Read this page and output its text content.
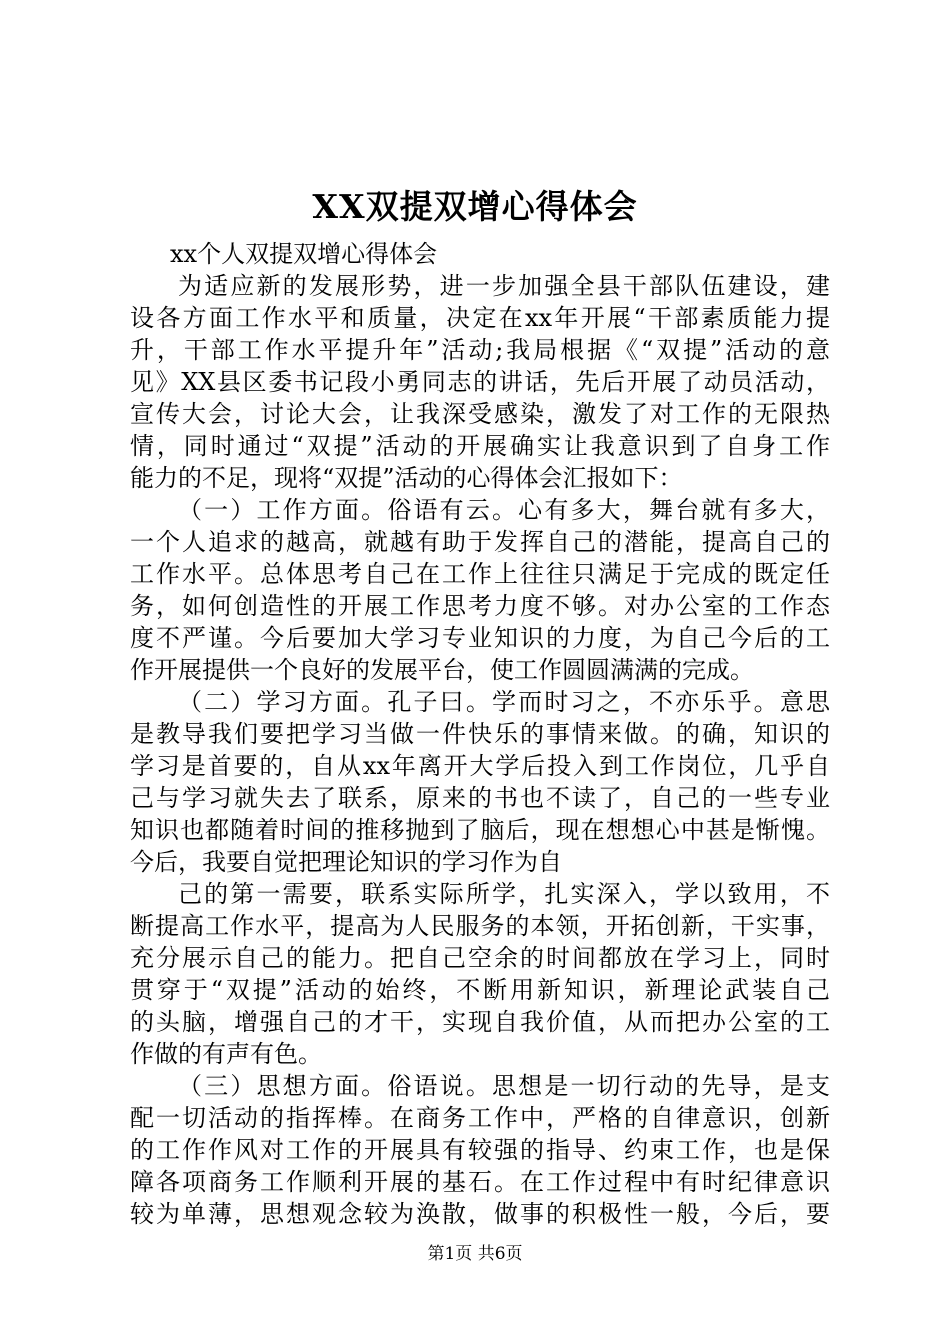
XX双提双增心得体会
xx个人双提双增心得体会
为适应新的发展形势，进一步加强全县干部队伍建设，建
设各方面工作水平和质量，决定在xx年开展“干部素质能力提
升，干部工作水平提升年”活动;我局根据《“双提”活动的意
见》XX县区委书记段小勇同志的讲话，先后开展了动员活动，
宣传大会，讨论大会，让我深受感染，激发了对工作的无限热
情，同时通过“双提”活动的开展确实让我意识到了自身工作
能力的不足，现将“双提”活动的心得体会汇报如下：
（一）工作方面。俗语有云。心有多大，舞台就有多大，
一个人追求的越高，就越有助于发挥自己的潜能，提高自己的
工作水平。总体思考自己在工作上往往只满足于完成的既定任
务，如何创造性的开展工作思考力度不够。对办公室的工作态
度不严谨。今后要加大学习专业知识的力度，为自己今后的工
作开展提供一个良好的发展平台，使工作圆圆满满的完成。
（二）学习方面。孔子曰。学而时习之，不亦乐乎。意思
是教导我们要把学习当做一件快乐的事情来做。的确，知识的
学习是首要的，自从xx年离开大学后投入到工作岗位，几乎自
己与学习就失去了联系，原来的书也不读了，自己的一些专业
知识也都随着时间的推移抛到了脑后，现在想想心中甚是惭愧。
今后，我要自觉把理论知识的学习作为自
己的第一需要，联系实际所学，扎实深入，学以致用，不
断提高工作水平，提高为人民服务的本领，开拓创新，干实事，
充分展示自己的能力。把自己空余的时间都放在学习上，同时
贯穿于“双提”活动的始终，不断用新知识，新理论武装自己
的头脑，增强自己的才干，实现自我价值，从而把办公室的工
作做的有声有色。
（三）思想方面。俗语说。思想是一切行动的先导，是支
配一切活动的指挥棒。在商务工作中，严格的自律意识，创新
的工作作风对工作的开展具有较强的指导、约束工作，也是保
障各项商务工作顺利开展的基石。在工作过程中有时纪律意识
较为单薄，思想观念较为涣散，做事的积极性一般，今后，要
第1页 共6页
